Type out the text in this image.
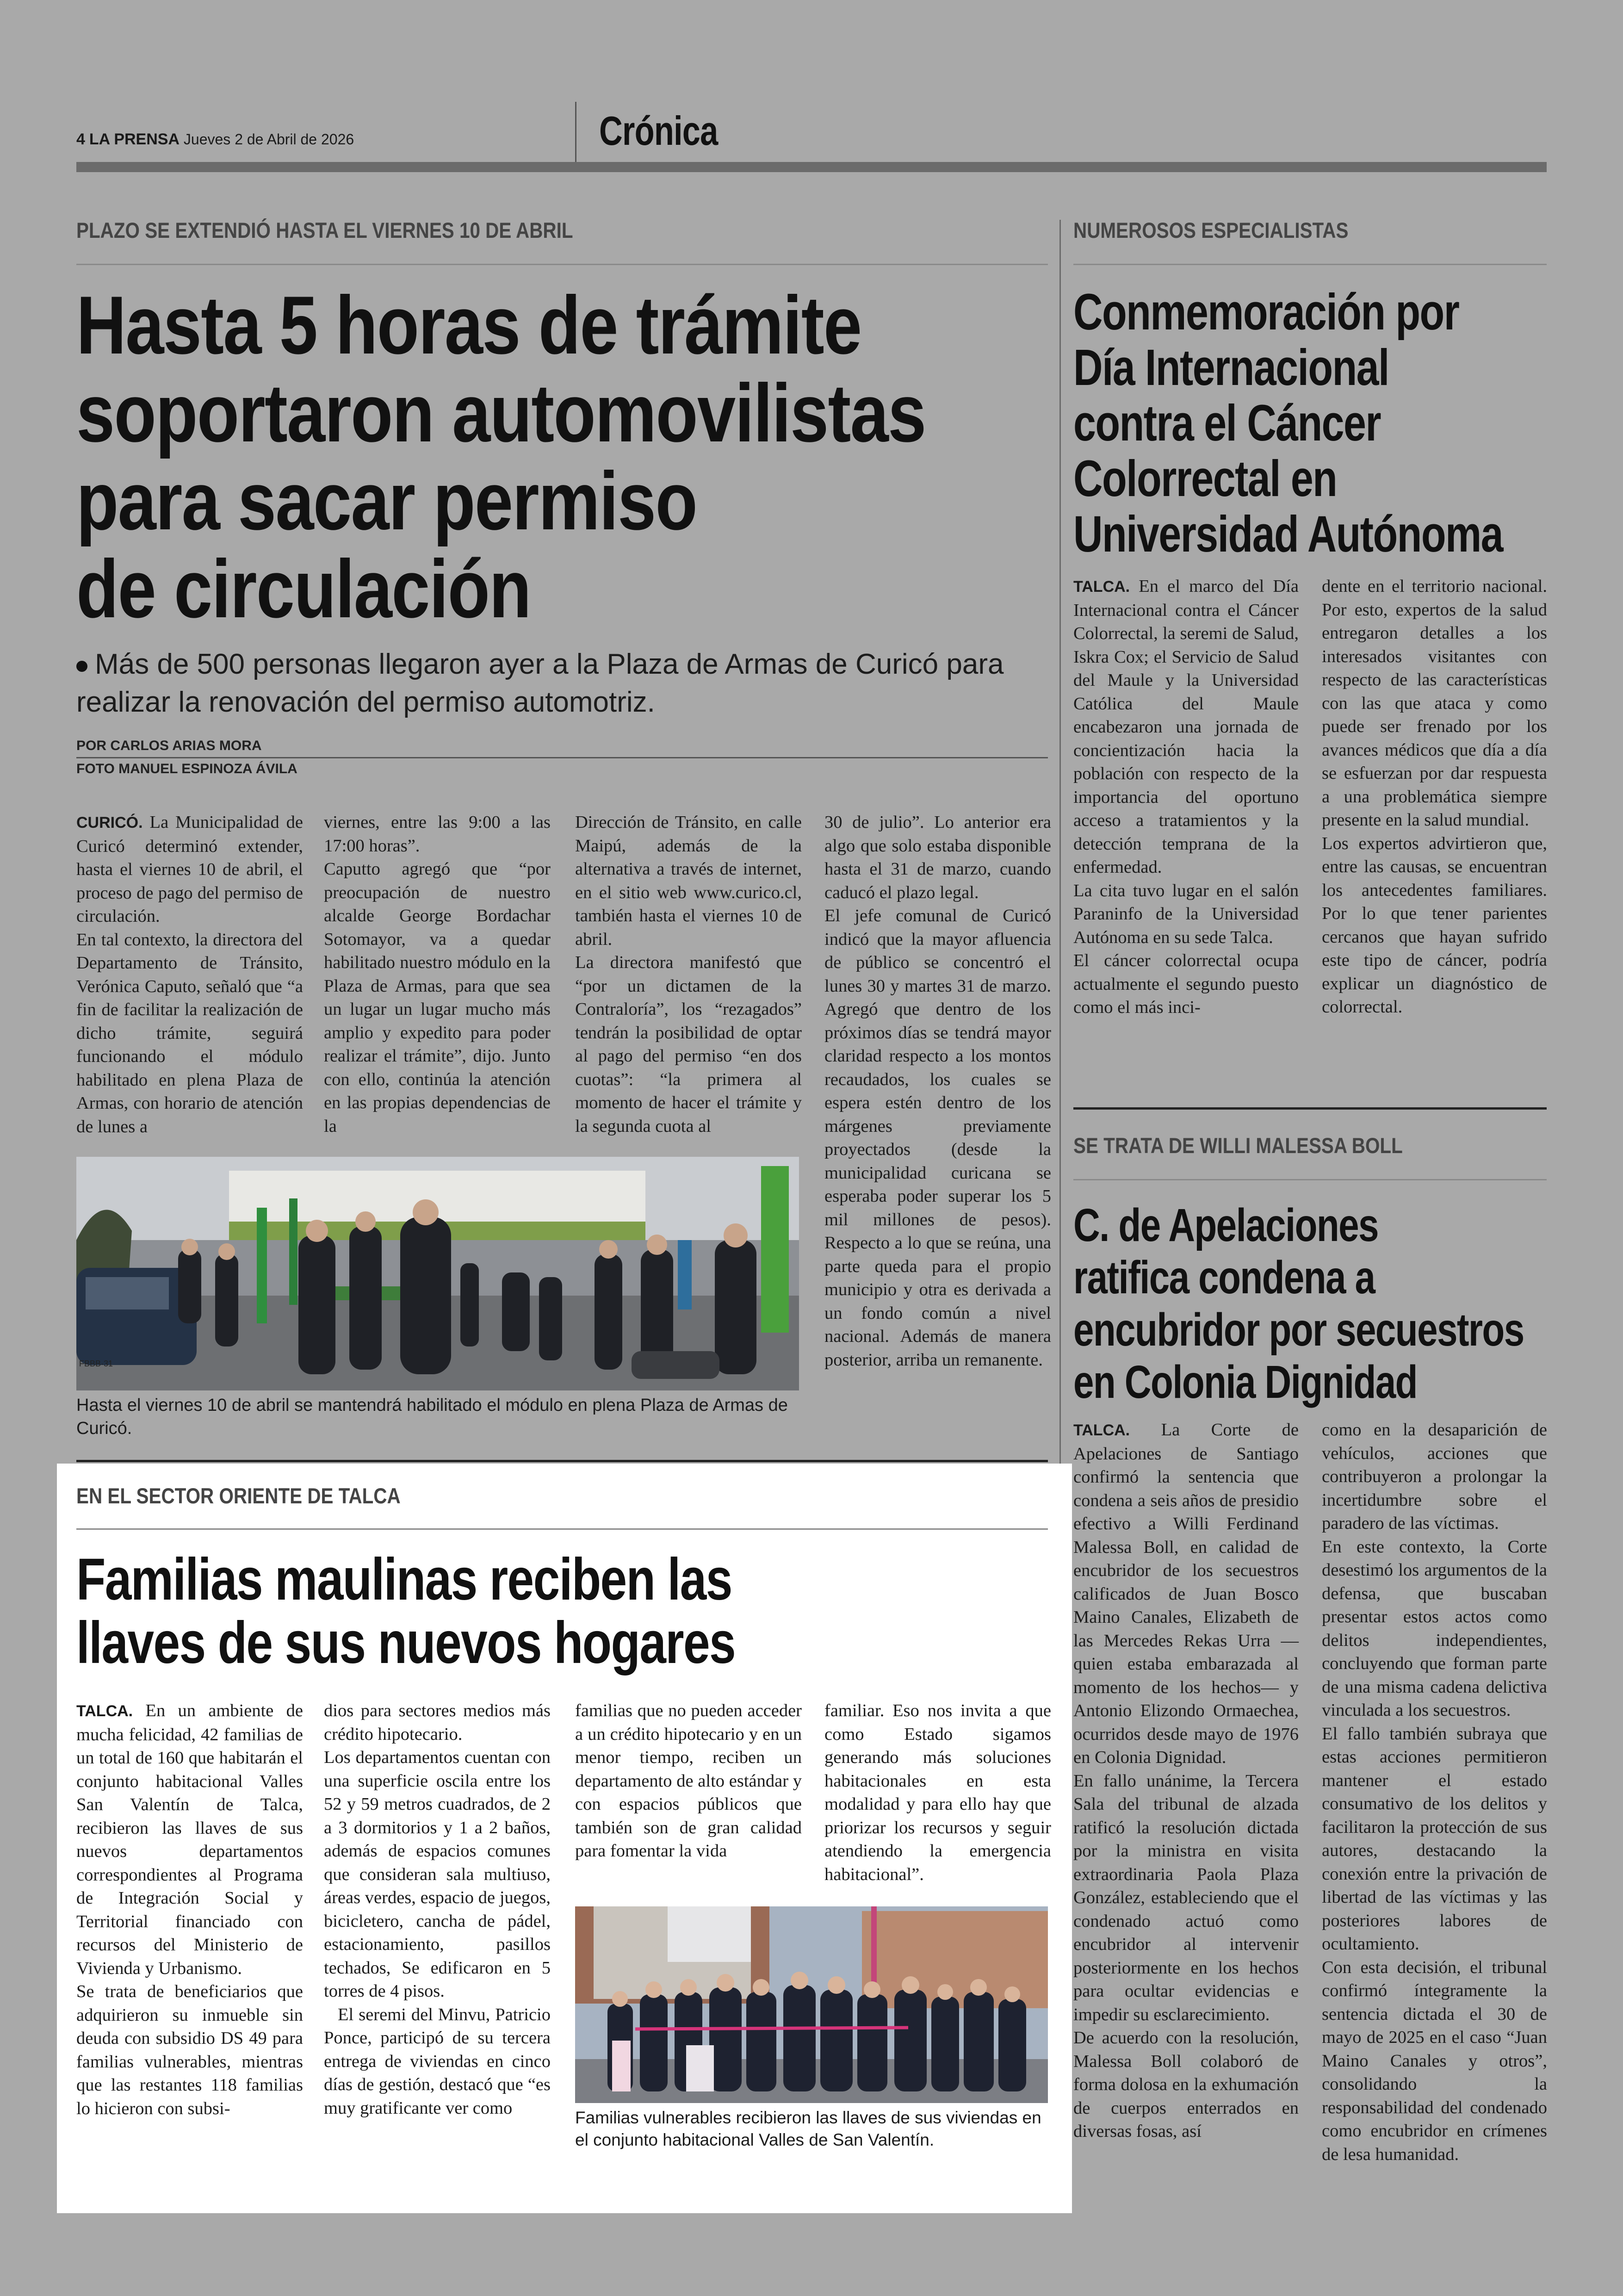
4 LA PRENSA Jueves 2 de Abril de 2026	Crónica
PLAZO SE EXTENDIÓ HASTA EL VIERNES 10 DE ABRIL
Hasta 5 horas de trámite
soportaron automovilistas
para sacar permiso
de circulación
Más de 500 personas llegaron ayer a la Plaza de Armas de Curicó para realizar la renovación del permiso automotriz.
POR CARLOS ARIAS MORA
FOTO MANUEL ESPINOZA ÁVILA

CURICÓ. La Municipalidad de Curicó determinó extender, hasta el viernes 10 de abril, el proceso de pago del permiso de circulación.

En tal contexto, la directora del Departamento de Tránsito, Verónica Caputo, señaló que “a fin de facilitar la realización de dicho trámite, seguirá funcionando el módulo habilitado en plena Plaza de Armas, con horario de atención de lunes a

viernes, entre las 9:00 a las 17:00 horas”.

Caputto agregó que “por preocupación de nuestro alcalde George Bordachar Sotomayor, va a quedar habilitado nuestro módulo en la Plaza de Armas, para que sea un lugar un lugar mucho más amplio y expedito para poder realizar el trámite”, dijo. Junto con ello, continúa la atención en las propias dependencias de la

Dirección de Tránsito, en calle Maipú, además de la alternativa a través de internet, en el sitio web www.curico.cl, también hasta el viernes 10 de abril.

La directora manifestó que “por un dictamen de la Contraloría”, los “rezagados” tendrán la posibilidad de optar al pago del permiso “en dos cuotas”: “la primera al momento de hacer el trámite y la segunda cuota al

30 de julio”. Lo anterior era algo que solo estaba disponible hasta el 31 de marzo, cuando caducó el plazo legal.

El jefe comunal de Curicó indicó que la mayor afluencia de público se concentró el lunes 30 y martes 31 de marzo. Agregó que dentro de los próximos días se tendrá mayor claridad respecto a los montos recaudados, los cuales se espera estén dentro de los márgenes previamente proyectados (desde la municipalidad curicana se esperaba poder superar los 5 mil millones de pesos). Respecto a lo que se reúna, una parte queda para el propio municipio y otra es derivada a un fondo común a nivel nacional. Además de manera posterior, arriba un remanente.

FBBB·31
Hasta el viernes 10 de abril se mantendrá habilitado el módulo en plena Plaza de Armas de Curicó.
NUMEROSOS ESPECIALISTAS
Conmemoración por
Día Internacional
contra el Cáncer
Colorrectal en
Universidad Autónoma

TALCA. En el marco del Día Internacional contra el Cáncer Colorrectal, la seremi de Salud, Iskra Cox; el Servicio de Salud del Maule y la Universidad Católica del Maule encabezaron una jornada de concientización hacia la población con respecto de la importancia del oportuno acceso a tratamientos y la detección temprana de la enfermedad.

La cita tuvo lugar en el salón Paraninfo de la Universidad Autónoma en su sede Talca.

El cáncer colorrectal ocupa actualmente el segundo puesto como el más inci-

dente en el territorio nacional. Por esto, expertos de la salud entregaron detalles a los interesados visitantes con respecto de las características con las que ataca y como puede ser frenado por los avances médicos que día a día se esfuerzan por dar respuesta a una problemática siempre presente en la salud mundial.

Los expertos advirtieron que, entre las causas, se encuentran los antecedentes familiares. Por lo que tener parientes cercanos que hayan sufrido este tipo de cáncer, podría explicar un diagnóstico de colorrectal.

SE TRATA DE WILLI MALESSA BOLL
C. de Apelaciones
ratifica condena a
encubridor por secuestros
en Colonia Dignidad

TALCA. La Corte de Apelaciones de Santiago confirmó la sentencia que condena a seis años de presidio efectivo a Willi Ferdinand Malessa Boll, en calidad de encubridor de los secuestros calificados de Juan Bosco Maino Canales, Elizabeth de las Mercedes Rekas Urra —quien estaba embarazada al momento de los hechos— y Antonio Elizondo Ormaechea, ocurridos desde mayo de 1976 en Colonia Dignidad.

En fallo unánime, la Tercera Sala del tribunal de alzada ratificó la resolución dictada por la ministra en visita extraordinaria Paola Plaza González, estableciendo que el condenado actuó como encubridor al intervenir posteriormente en los hechos para ocultar evidencias e impedir su esclarecimiento.

De acuerdo con la resolución, Malessa Boll colaboró de forma dolosa en la exhumación de cuerpos enterrados en diversas fosas, así

como en la desaparición de vehículos, acciones que contribuyeron a prolongar la incertidumbre sobre el paradero de las víctimas.

En este contexto, la Corte desestimó los argumentos de la defensa, que buscaban presentar estos actos como delitos independientes, concluyendo que forman parte de una misma cadena delictiva vinculada a los secuestros.

El fallo también subraya que estas acciones permitieron mantener el estado consumativo de los delitos y facilitaron la protección de sus autores, destacando la conexión entre la privación de libertad de las víctimas y las posteriores labores de ocultamiento.

Con esta decisión, el tribunal confirmó íntegramente la sentencia dictada el 30 de mayo de 2025 en el caso “Juan Maino Canales y otros”, consolidando la responsabilidad del condenado como encubridor en crímenes de lesa humanidad.

EN EL SECTOR ORIENTE DE TALCA
Familias maulinas reciben las
llaves de sus nuevos hogares

TALCA. En un ambiente de mucha felicidad, 42 familias de un total de 160 que habitarán el conjunto habitacional Valles San Valentín de Talca, recibieron las llaves de sus nuevos departamentos correspondientes al Programa de Integración Social y Territorial financiado con recursos del Ministerio de Vivienda y Urbanismo.

Se trata de beneficiarios que adquirieron su inmueble sin deuda con subsidio DS 49 para familias vulnerables, mientras que las restantes 118 familias lo hicieron con subsi-

dios para sectores medios más crédito hipotecario.

Los departamentos cuentan con una superficie oscila entre los 52 y 59 metros cuadrados, de 2 a 3 dormitorios y 1 a 2 baños, además de espacios comunes que consideran sala multiuso, áreas verdes, espacio de juegos, bicicletero, cancha de pádel, estacionamiento, pasillos techados, Se edificaron en 5 torres de 4 pisos.

El seremi del Minvu, Patricio Ponce, participó de su tercera entrega de viviendas en cinco días de gestión, destacó que “es muy gratificante ver como

familias que no pueden acceder a un crédito hipotecario y en un menor tiempo, reciben un departamento de alto estándar y con espacios públicos que también son de gran calidad para fomentar la vida

familiar. Eso nos invita a que como Estado sigamos generando más soluciones habitacionales en esta modalidad y para ello hay que priorizar los recursos y seguir atendiendo la emergencia habitacional”.

Familias vulnerables recibieron las llaves de sus viviendas en el conjunto habitacional Valles de San Valentín.
